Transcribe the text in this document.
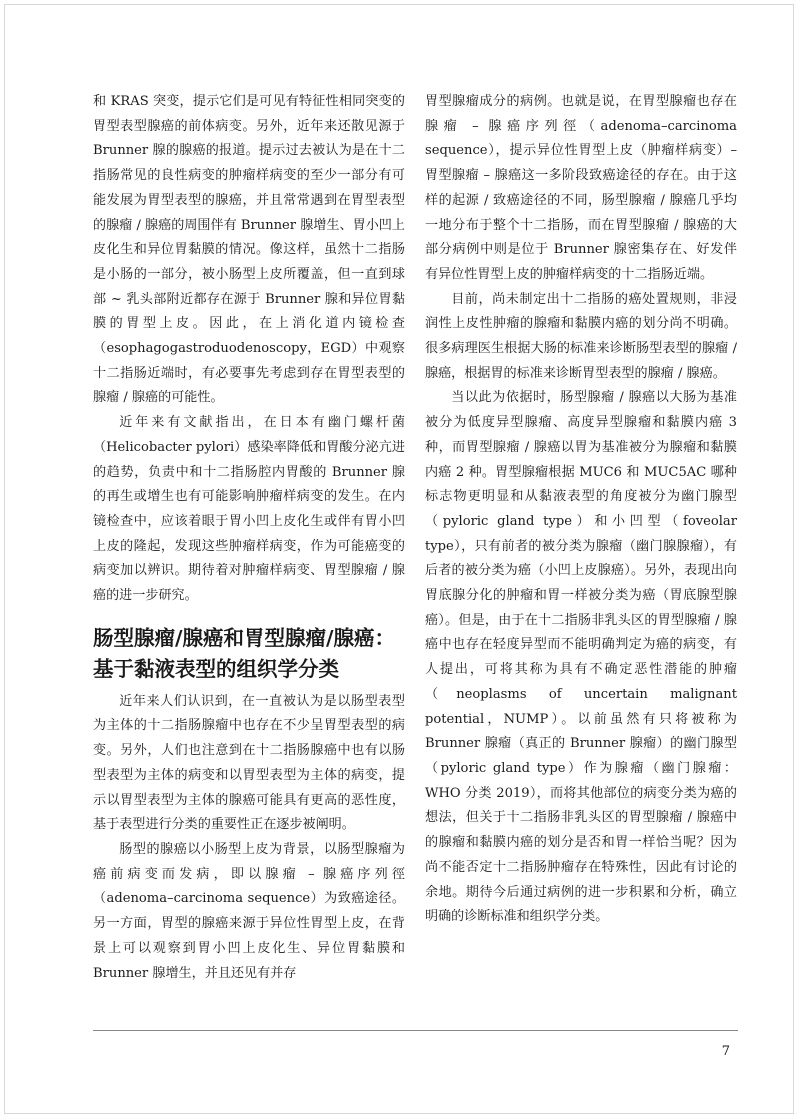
和 KRAS 突变，提示它们是可见有特征性相同突变的胃型表型腺癌的前体病变。另外，近年来还散见源于 Brunner 腺的腺癌的报道。提示过去被认为是在十二指肠常见的良性病变的肿瘤样病变的至少一部分有可能发展为胃型表型的腺癌，并且常常遇到在胃型表型的腺瘤 / 腺癌的周围伴有 Brunner 腺增生、胃小凹上皮化生和异位胃黏膜的情况。像这样，虽然十二指肠是小肠的一部分，被小肠型上皮所覆盖，但一直到球部 ~ 乳头部附近都存在源于 Brunner 腺和异位胃黏膜的胃型上皮。因此，在上消化道内镜检查（esophagogastroduodenoscopy，EGD）中观察十二指肠近端时，有必要事先考虑到存在胃型表型的腺瘤 / 腺癌的可能性。

近年来有文献指出，在日本有幽门螺杆菌（Helicobacter pylori）感染率降低和胃酸分泌亢进的趋势，负责中和十二指肠腔内胃酸的 Brunner 腺的再生或增生也有可能影响肿瘤样病变的发生。在内镜检查中，应该着眼于胃小凹上皮化生或伴有胃小凹上皮的隆起，发现这些肿瘤样病变，作为可能癌变的病变加以辨识。期待着对肿瘤样病变、胃型腺瘤 / 腺癌的进一步研究。

肠型腺瘤/腺癌和胃型腺瘤/腺癌：基于黏液表型的组织学分类

近年来人们认识到，在一直被认为是以肠型表型为主体的十二指肠腺瘤中也存在不少呈胃型表型的病变。另外，人们也注意到在十二指肠腺癌中也有以肠型表型为主体的病变和以胃型表型为主体的病变，提示以胃型表型为主体的腺癌可能具有更高的恶性度，基于表型进行分类的重要性正在逐步被阐明。

肠型的腺癌以小肠型上皮为背景，以肠型腺瘤为癌前病变而发病，即以腺瘤 – 腺癌序列徑（adenoma–carcinoma sequence）为致癌途径。另一方面，胃型的腺癌来源于异位性胃型上皮，在背景上可以观察到胃小凹上皮化生、异位胃黏膜和 Brunner 腺增生，并且还见有并存

胃型腺瘤成分的病例。也就是说，在胃型腺瘤也存在腺瘤 – 腺癌序列徑（adenoma–carcinoma sequence），提示异位性胃型上皮（肿瘤样病变）– 胃型腺瘤 – 腺癌这一多阶段致癌途径的存在。由于这样的起源 / 致癌途径的不同，肠型腺瘤 / 腺癌几乎均一地分布于整个十二指肠，而在胃型腺瘤 / 腺癌的大部分病例中则是位于 Brunner 腺密集存在、好发伴有异位性胃型上皮的肿瘤样病变的十二指肠近端。

目前，尚未制定出十二指肠的癌处置规则，非浸润性上皮性肿瘤的腺瘤和黏膜内癌的划分尚不明确。很多病理医生根据大肠的标准来诊断肠型表型的腺瘤 / 腺癌，根据胃的标准来诊断胃型表型的腺瘤 / 腺癌。

当以此为依据时，肠型腺瘤 / 腺癌以大肠为基准被分为低度异型腺瘤、高度异型腺瘤和黏膜内癌 3 种，而胃型腺瘤 / 腺癌以胃为基准被分为腺瘤和黏膜内癌 2 种。胃型腺瘤根据 MUC6 和 MUC5AC 哪种标志物更明显和从黏液表型的角度被分为幽门腺型（pyloric gland type）和小凹型（foveolar type），只有前者的被分类为腺瘤（幽门腺腺瘤），有后者的被分类为癌（小凹上皮腺癌）。另外，表现出向胃底腺分化的肿瘤和胃一样被分类为癌（胃底腺型腺癌）。但是，由于在十二指肠非乳头区的胃型腺瘤 / 腺癌中也存在轻度异型而不能明确判定为癌的病变，有人提出，可将其称为具有不确定恶性潜能的肿瘤（neoplasms of uncertain malignant potential，NUMP）。以前虽然有只将被称为 Brunner 腺瘤（真正的 Brunner 腺瘤）的幽门腺型（pyloric gland type）作为腺瘤（幽门腺瘤：WHO 分类 2019），而将其他部位的病变分类为癌的想法，但关于十二指肠非乳头区的胃型腺瘤 / 腺癌中的腺瘤和黏膜内癌的划分是否和胃一样恰当呢？因为尚不能否定十二指肠肿瘤存在特殊性，因此有讨论的余地。期待今后通过病例的进一步积累和分析，确立明确的诊断标准和组织学分类。

7
